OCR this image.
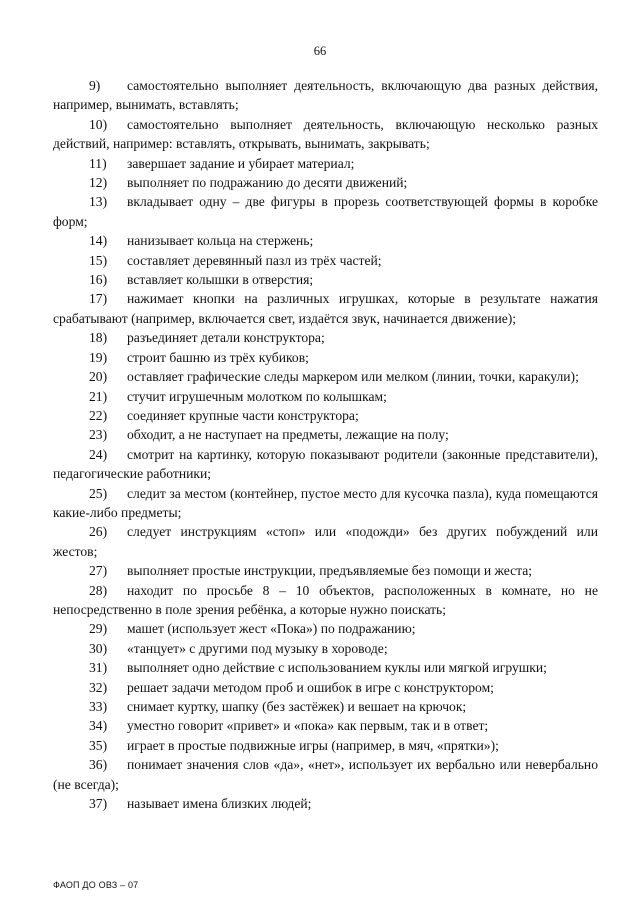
66
9) самостоятельно выполняет деятельность, включающую два разных действия, например, вынимать, вставлять;
10) самостоятельно выполняет деятельность, включающую несколько разных действий, например: вставлять, открывать, вынимать, закрывать;
11) завершает задание и убирает материал;
12) выполняет по подражанию до десяти движений;
13) вкладывает одну – две фигуры в прорезь соответствующей формы в коробке форм;
14) нанизывает кольца на стержень;
15) составляет деревянный пазл из трёх частей;
16) вставляет колышки в отверстия;
17) нажимает кнопки на различных игрушках, которые в результате нажатия срабатывают (например, включается свет, издаётся звук, начинается движение);
18) разъединяет детали конструктора;
19) строит башню из трёх кубиков;
20) оставляет графические следы маркером или мелком (линии, точки, каракули);
21) стучит игрушечным молотком по колышкам;
22) соединяет крупные части конструктора;
23) обходит, а не наступает на предметы, лежащие на полу;
24) смотрит на картинку, которую показывают родители (законные представители), педагогические работники;
25) следит за местом (контейнер, пустое место для кусочка пазла), куда помещаются какие-либо предметы;
26) следует инструкциям «стоп» или «подожди» без других побуждений или жестов;
27) выполняет простые инструкции, предъявляемые без помощи и жеста;
28) находит по просьбе 8 – 10 объектов, расположенных в комнате, но не непосредственно в поле зрения ребёнка, а которые нужно поискать;
29) машет (использует жест «Пока») по подражанию;
30) «танцует» с другими под музыку в хороводе;
31) выполняет одно действие с использованием куклы или мягкой игрушки;
32) решает задачи методом проб и ошибок в игре с конструктором;
33) снимает куртку, шапку (без застёжек) и вешает на крючок;
34) уместно говорит «привет» и «пока» как первым, так и в ответ;
35) играет в простые подвижные игры (например, в мяч, «прятки»);
36) понимает значения слов «да», «нет», использует их вербально или невербально (не всегда);
37) называет имена близких людей;
ФАОП ДО ОВЗ – 07
